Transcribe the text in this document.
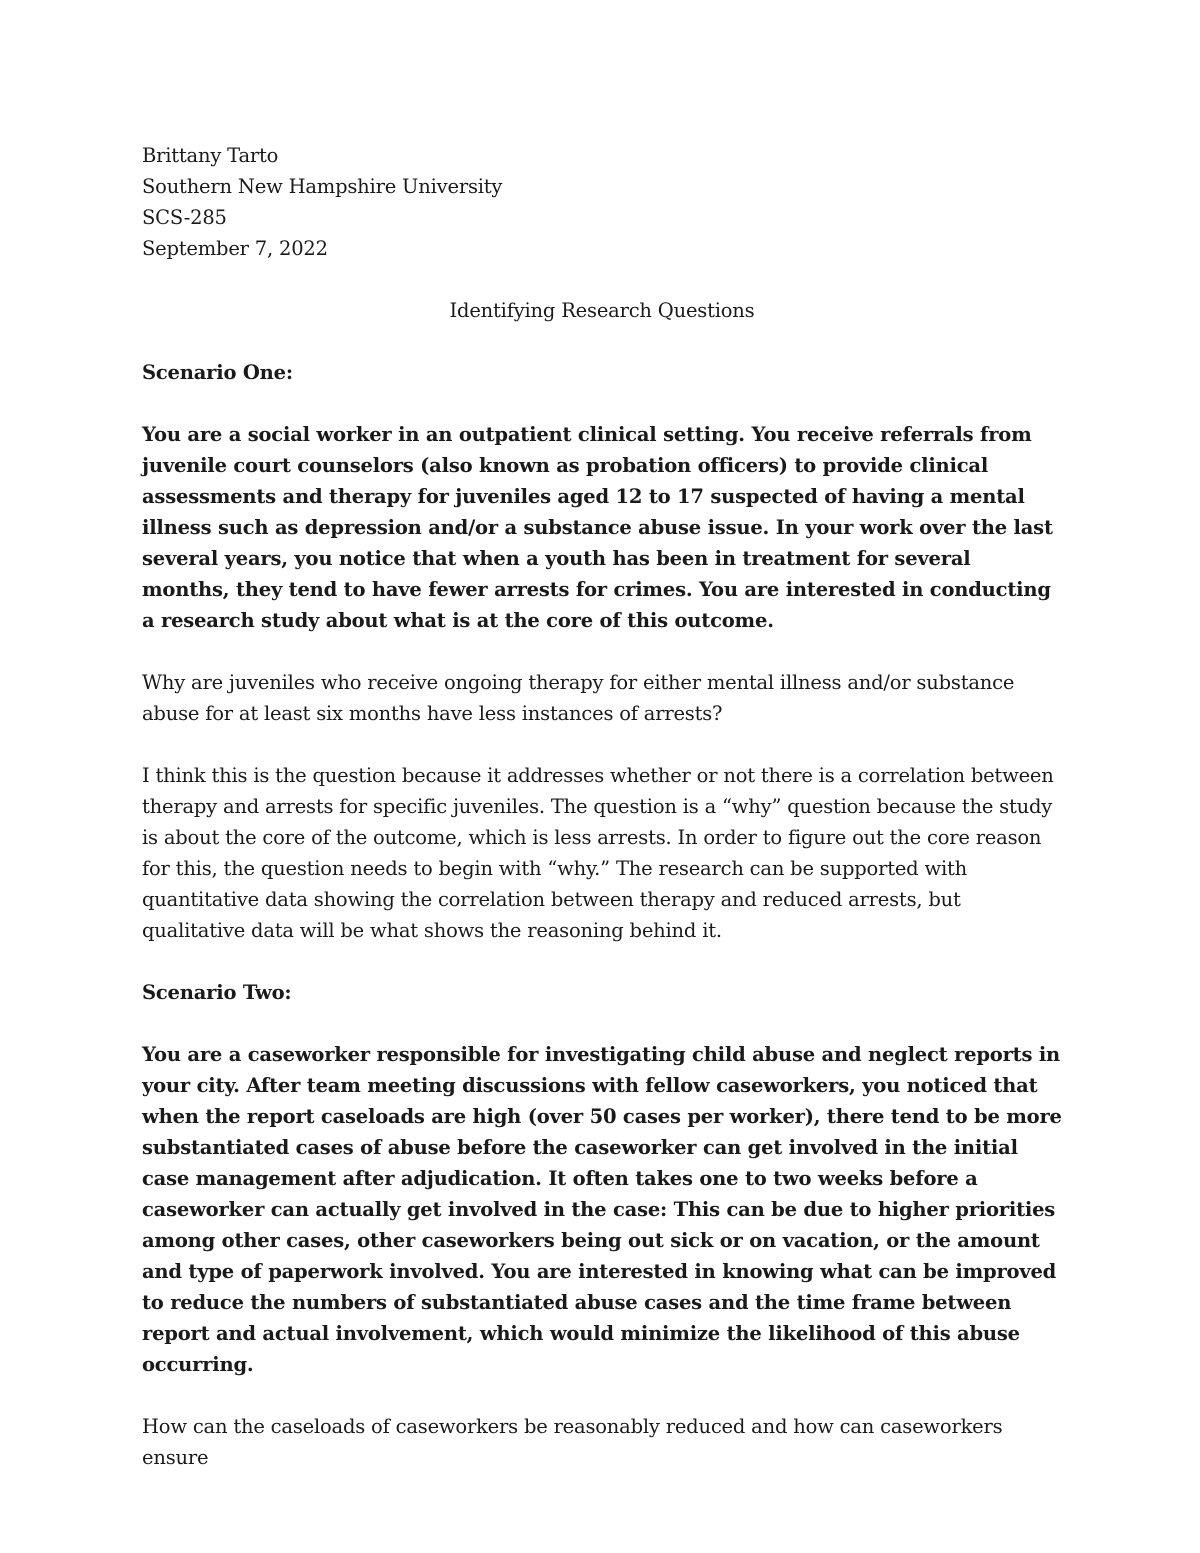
Brittany Tarto

Southern New Hampshire University

SCS-285

September 7, 2022

Identifying Research Questions

Scenario One:

You are a social worker in an outpatient clinical setting. You receive referrals from juvenile court counselors (also known as probation officers) to provide clinical assessments and therapy for juveniles aged 12 to 17 suspected of having a mental illness such as depression and/or a substance abuse issue. In your work over the last several years, you notice that when a youth has been in treatment for several months, they tend to have fewer arrests for crimes. You are interested in conducting a research study about what is at the core of this outcome.

Why are juveniles who receive ongoing therapy for either mental illness and/or substance abuse for at least six months have less instances of arrests?

I think this is the question because it addresses whether or not there is a correlation between therapy and arrests for specific juveniles. The question is a “why” question because the study is about the core of the outcome, which is less arrests. In order to figure out the core reason for this, the question needs to begin with “why.” The research can be supported with quantitative data showing the correlation between therapy and reduced arrests, but qualitative data will be what shows the reasoning behind it.

Scenario Two:

You are a caseworker responsible for investigating child abuse and neglect reports in your city. After team meeting discussions with fellow caseworkers, you noticed that when the report caseloads are high (over 50 cases per worker), there tend to be more substantiated cases of abuse before the caseworker can get involved in the initial case management after adjudication. It often takes one to two weeks before a caseworker can actually get involved in the case: This can be due to higher priorities among other cases, other caseworkers being out sick or on vacation, or the amount and type of paperwork involved. You are interested in knowing what can be improved to reduce the numbers of substantiated abuse cases and the time frame between report and actual involvement, which would minimize the likelihood of this abuse occurring.

How can the caseloads of caseworkers be reasonably reduced and how can caseworkers ensure
